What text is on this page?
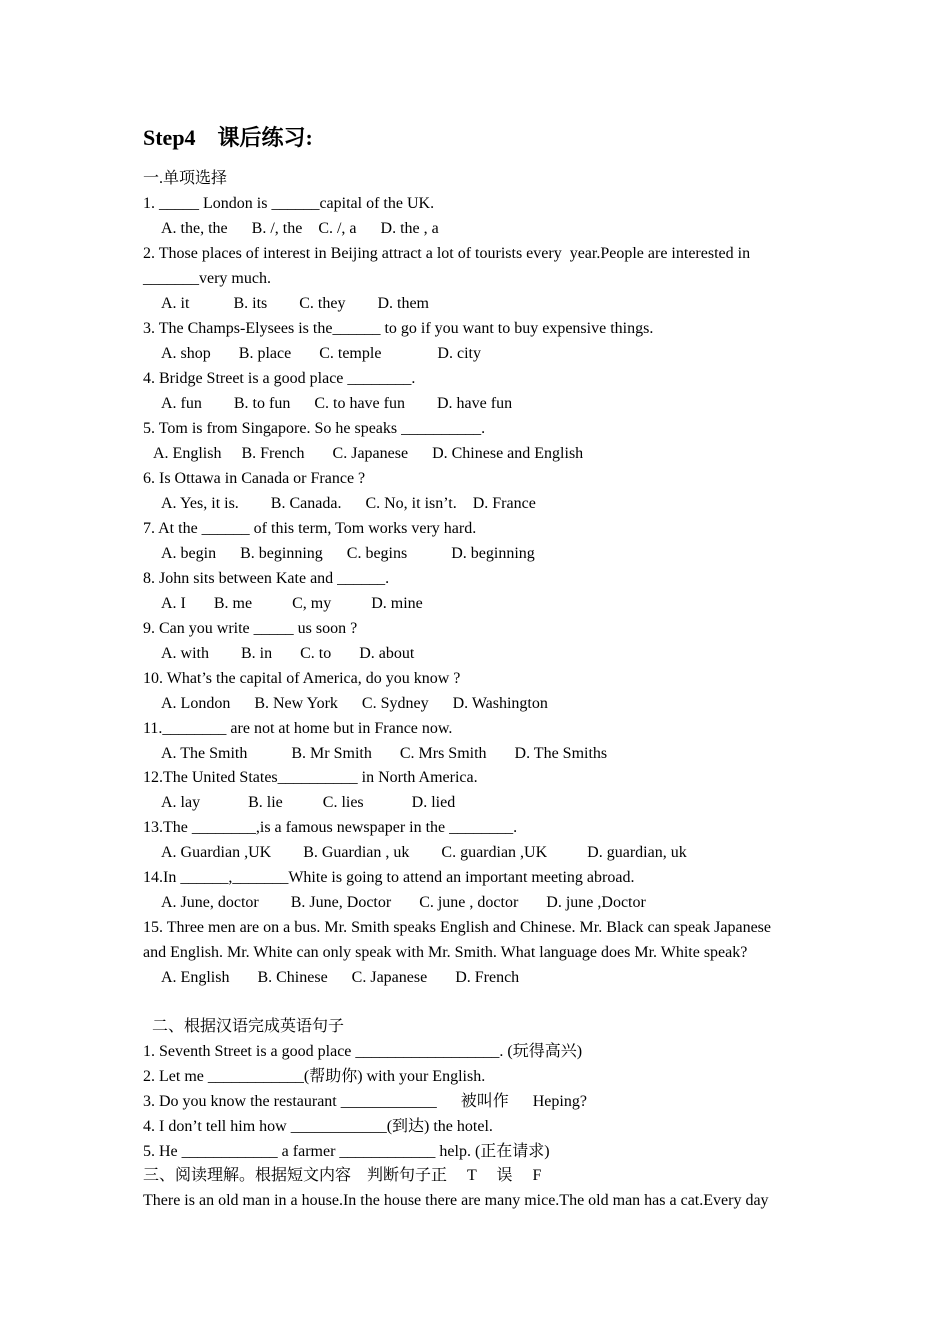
Step4    课后练习:
一.单项选择
1. _____ London is ______capital of the UK.
A. the, the      B. /, the    C. /, a      D. the , a
2. Those places of interest in Beijing attract a lot of tourists every  year.People are interested in
_______very much.
A. it           B. its        C. they        D. them
3. The Champs-Elysees is the______ to go if you want to buy expensive things.
A. shop       B. place       C. temple              D. city
4. Bridge Street is a good place ________.
A. fun        B. to fun      C. to have fun        D. have fun
5. Tom is from Singapore. So he speaks __________.
A. English     B. French       C. Japanese      D. Chinese and English
6. Is Ottawa in Canada or France ?
A. Yes, it is.        B. Canada.      C. No, it isn’t.    D. France
7. At the ______ of this term, Tom works very hard.
A. begin      B. beginning      C. begins           D. beginning
8. John sits between Kate and ______.
A. I       B. me          C, my          D. mine
9. Can you write _____ us soon ?
A. with        B. in       C. to       D. about
10. What’s the capital of America, do you know ?
A. London      B. New York      C. Sydney      D. Washington
11.________ are not at home but in France now.
A. The Smith           B. Mr Smith       C. Mrs Smith       D. The Smiths
12.The United States__________ in North America.
A. lay            B. lie          C. lies            D. lied
13.The ________,is a famous newspaper in the ________.
A. Guardian ,UK        B. Guardian , uk        C. guardian ,UK          D. guardian, uk
14.In ______,_______White is going to attend an important meeting abroad.
A. June, doctor        B. June, Doctor       C. june , doctor       D. june ,Doctor
15. Three men are on a bus. Mr. Smith speaks English and Chinese. Mr. Black can speak Japanese
and English. Mr. White can only speak with Mr. Smith. What language does Mr. White speak?
A. English       B. Chinese      C. Japanese       D. French
二、根据汉语完成英语句子
1. Seventh Street is a good place __________________. (玩得高兴)
2. Let me ____________(帮助你) with your English.
3. Do you know the restaurant ____________      被叫作      Heping?
4. I don’t tell him how ____________(到达) the hotel.
5. He ____________ a farmer ____________ help. (正在请求)
三、阅读理解。根据短文内容    判断句子正     T     误     F
There is an old man in a house.In the house there are many mice.The old man has a cat.Every day
